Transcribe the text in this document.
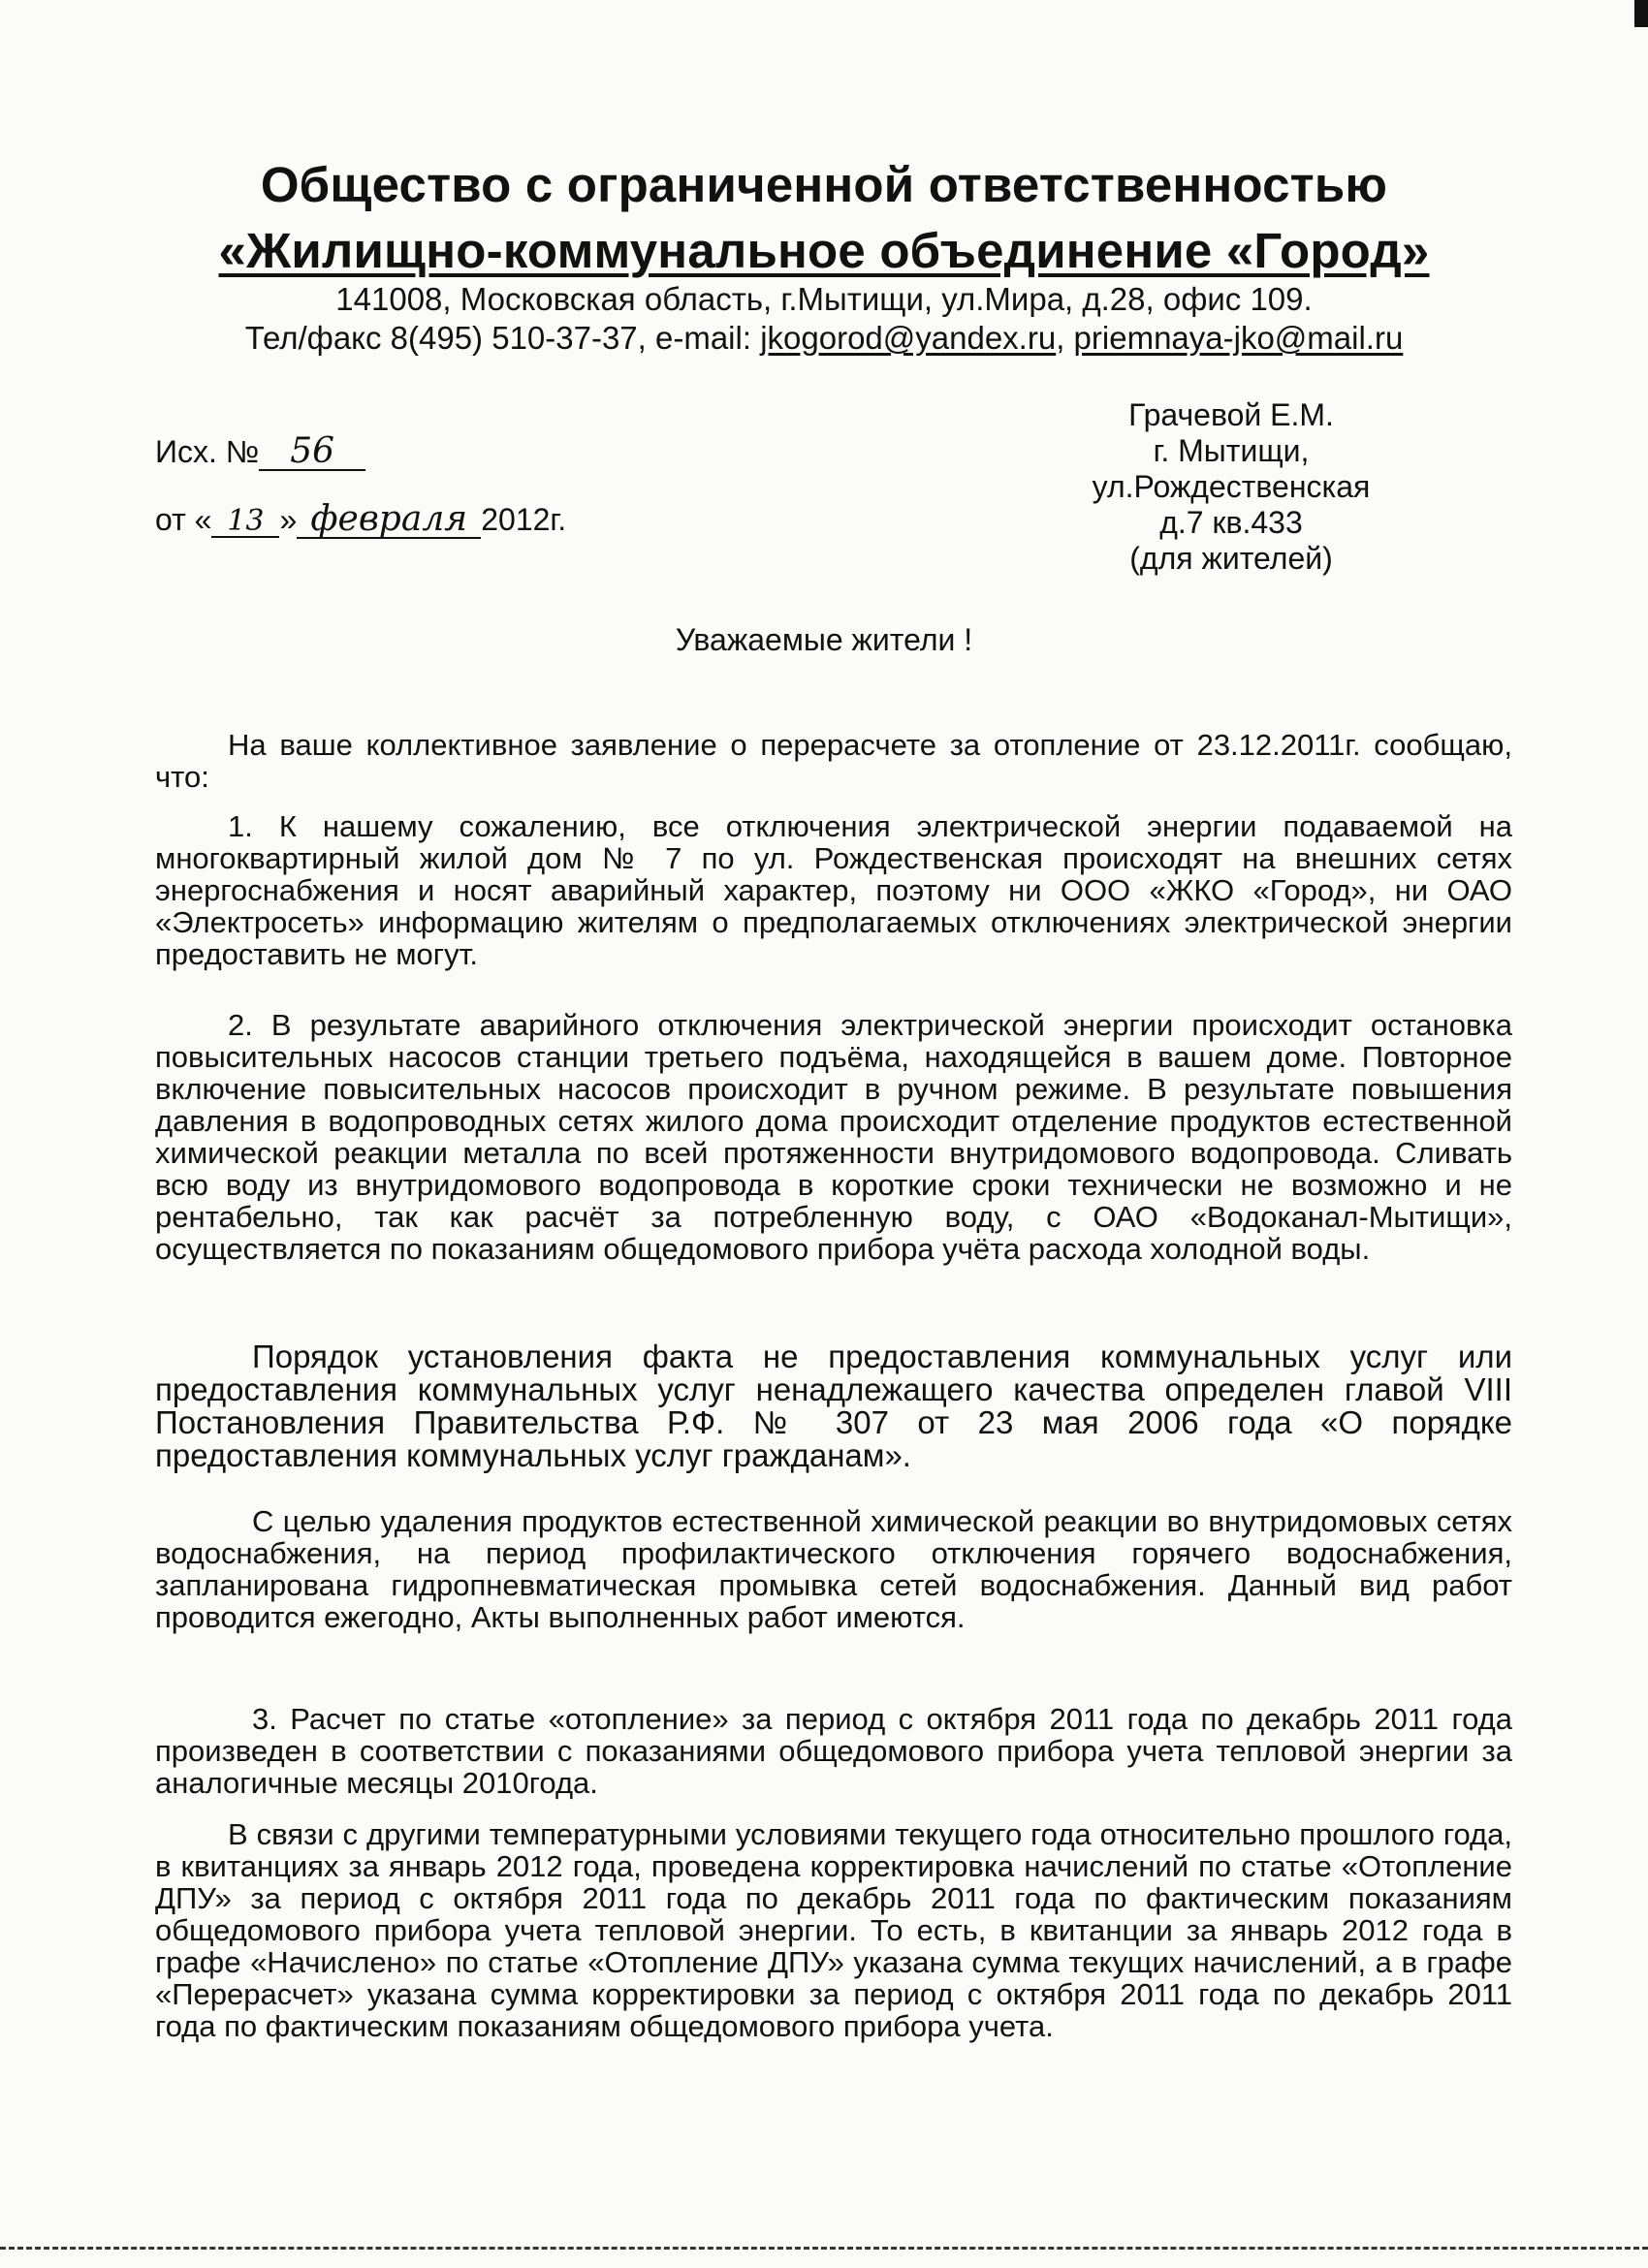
Общество с ограниченной ответственностью
«Жилищно-коммунальное объединение «Город»
141008, Московская область, г.Мытищи, ул.Мира, д.28, офис 109.
Тел/факс 8(495) 510-37-37, e-mail: jkogorod@yandex.ru, priemnaya-jko@mail.ru
Исх. № 56
от « 13 » февраля 2012г.
Грачевой Е.М.
г. Мытищи,
ул.Рождественская
д.7 кв.433
(для жителей)
Уважаемые жители !

На ваше коллективное заявление о перерасчете за отопление от 23.12.2011г. сообщаю, что:

1. К нашему сожалению, все отключения электрической энергии подаваемой на многоквартирный жилой дом № 7 по ул. Рождественская происходят на внешних сетях энергоснабжения и носят аварийный характер, поэтому ни ООО «ЖКО «Город», ни ОАО «Электросеть» информацию жителям о предполагаемых отключениях электрической энергии предоставить не могут.

2. В результате аварийного отключения электрической энергии происходит остановка повысительных насосов станции третьего подъёма, находящейся в вашем доме. Повторное включение повысительных насосов происходит в ручном режиме. В результате повышения давления в водопроводных сетях жилого дома происходит отделение продуктов естественной химической реакции металла по всей протяженности внутридомового водопровода. Сливать всю воду из внутридомового водопровода в короткие сроки технически не возможно и не рентабельно, так как расчёт за потребленную воду, с ОАО «Водоканал-Мытищи», осуществляется по показаниям общедомового прибора учёта расхода холодной воды.

Порядок установления факта не предоставления коммунальных услуг или предоставления коммунальных услуг ненадлежащего качества определен главой VIII Постановления Правительства Р.Ф. № 307 от 23 мая 2006 года «О порядке предоставления коммунальных услуг гражданам».

С целью удаления продуктов естественной химической реакции во внутридомовых сетях водоснабжения, на период профилактического отключения горячего водоснабжения, запланирована гидропневматическая промывка сетей водоснабжения. Данный вид работ проводится ежегодно, Акты выполненных работ имеются.

3. Расчет по статье «отопление» за период с октября 2011 года по декабрь 2011 года произведен в соответствии с показаниями общедомового прибора учета тепловой энергии за аналогичные месяцы 2010года.

В связи с другими температурными условиями текущего года относительно прошлого года, в квитанциях за январь 2012 года, проведена корректировка начислений по статье «Отопление ДПУ» за период с октября 2011 года по декабрь 2011 года по фактическим показаниям общедомового прибора учета тепловой энергии. То есть, в квитанции за январь 2012 года в графе «Начислено» по статье «Отопление ДПУ» указана сумма текущих начислений, а в графе «Перерасчет» указана сумма корректировки за период с октября 2011 года по декабрь 2011 года по фактическим показаниям общедомового прибора учета.
